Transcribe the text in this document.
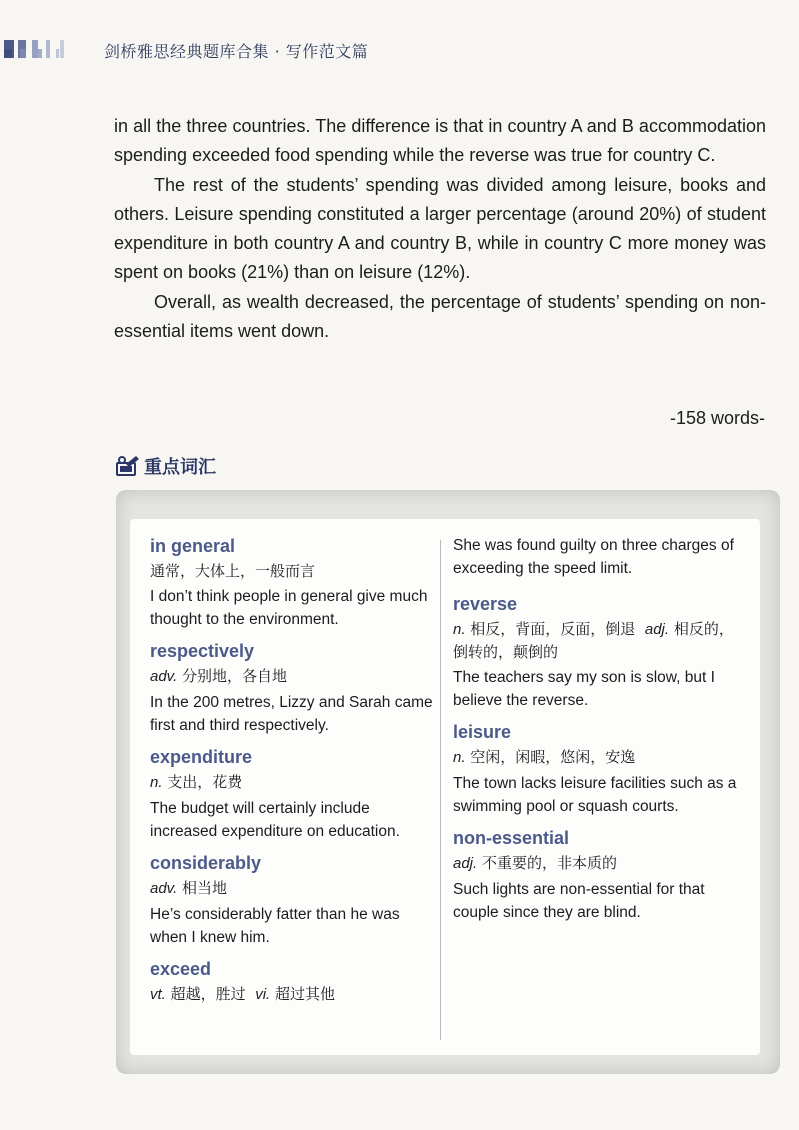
剑桥雅思经典题库合集 · 写作范文篇

in all the three countries. The difference is that in country A and B accommodation spending exceeded food spending while the reverse was true for country C.

The rest of the students’ spending was divided among leisure, books and others. Leisure spending constituted a larger percentage (around 20%) of student expenditure in both country A and country B, while in country C more money was spent on books (21%) than on leisure (12%).

Overall, as wealth decreased, the percentage of students’ spending on non-essential items went down.

-158 words-
重点词汇
in general
通常，大体上，一般而言

I don’t think people in general give much thought to the environment.

respectively
adv. 分别地，各自地

In the 200 metres, Lizzy and Sarah came first and third respectively.

expenditure
n. 支出，花费

The budget will certainly include increased expenditure on education.

considerably
adv. 相当地

He’s considerably fatter than he was when I knew him.

exceed
vt. 超越，胜过 vi. 超过其他

She was found guilty on three charges of exceeding the speed limit.

reverse
n. 相反，背面，反面，倒退 adj. 相反的，倒转的，颠倒的

The teachers say my son is slow, but I believe the reverse.

leisure
n. 空闲，闲暇，悠闲，安逸

The town lacks leisure facilities such as a swimming pool or squash courts.

non-essential
adj. 不重要的，非本质的

Such lights are non-essential for that couple since they are blind.
